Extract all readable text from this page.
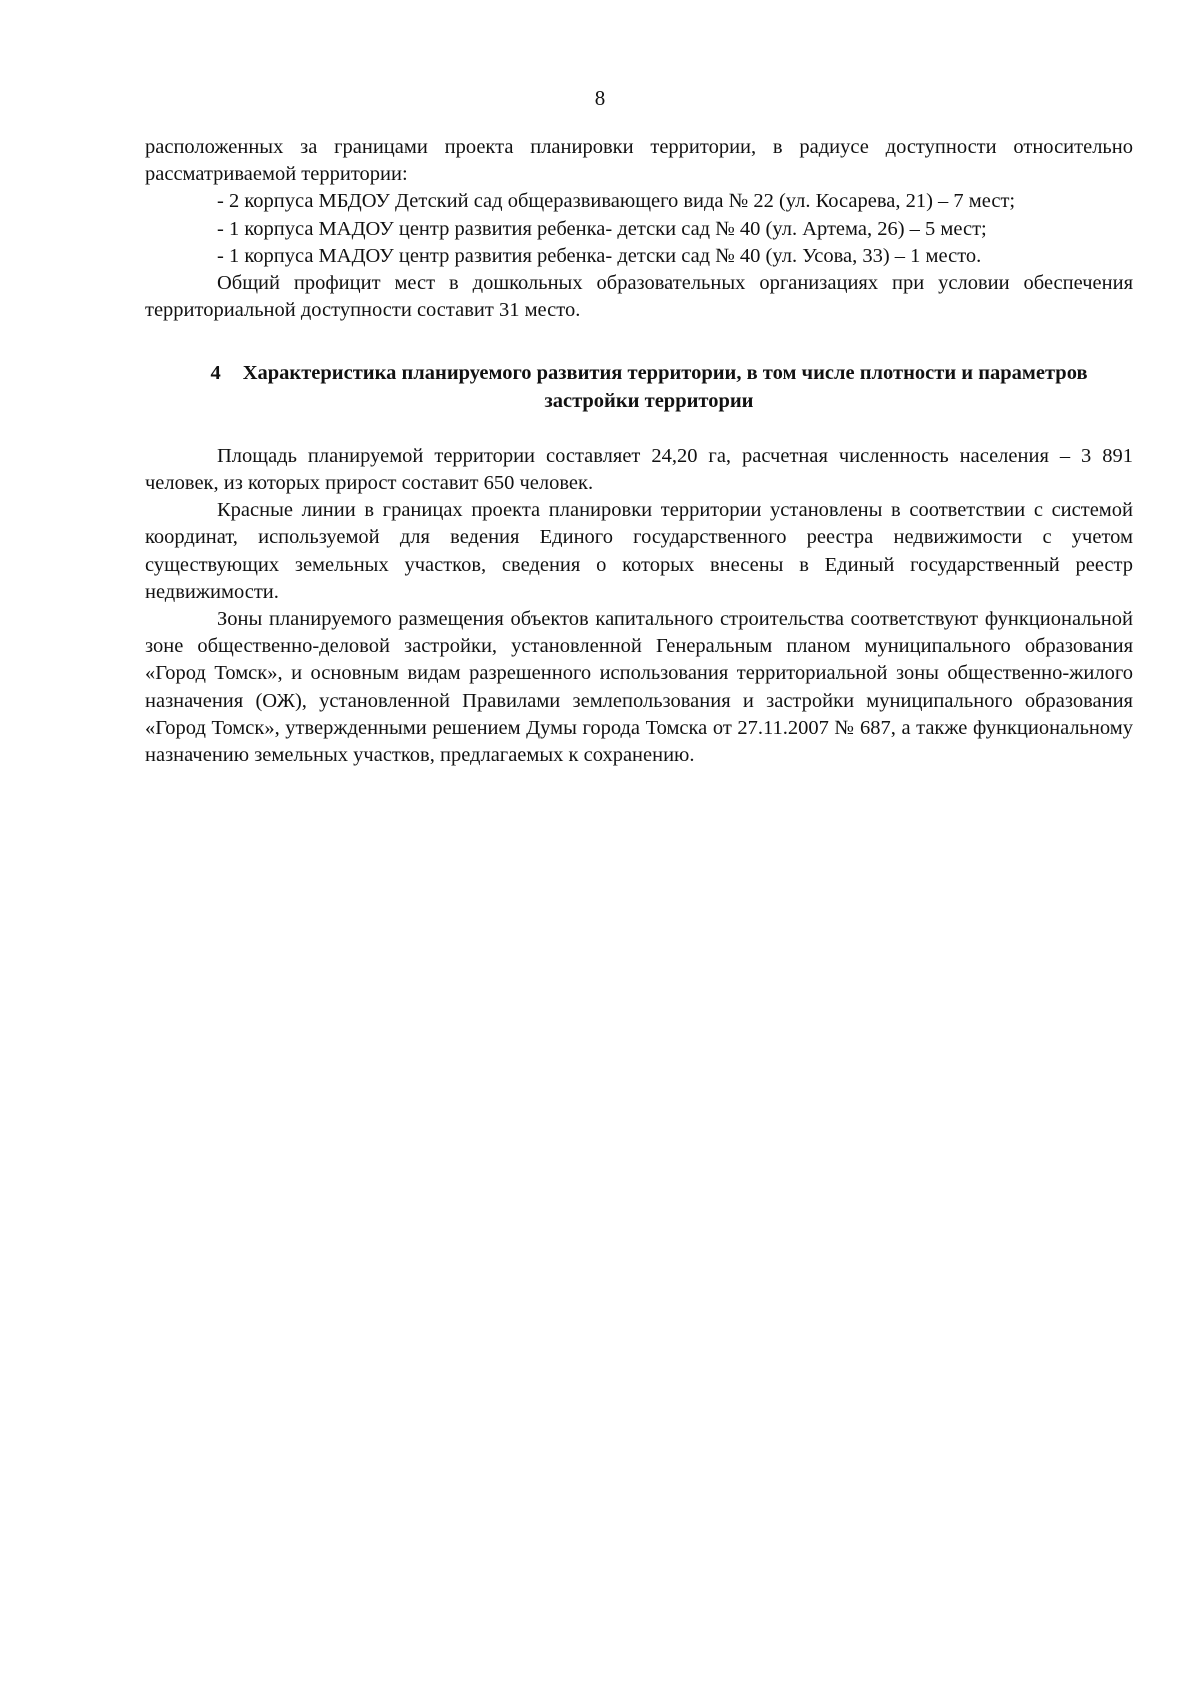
8

расположенных за границами проекта планировки территории, в радиусе доступности относительно рассматриваемой территории:

- 2 корпуса МБДОУ Детский сад общеразвивающего вида № 22 (ул. Косарева, 21) – 7 мест;

- 1 корпуса МАДОУ центр развития ребенка- детски сад № 40 (ул. Артема, 26) – 5 мест;

- 1 корпуса МАДОУ центр развития ребенка- детски сад № 40 (ул. Усова, 33) – 1 место.

Общий профицит мест в дошкольных образовательных организациях при условии обеспечения территориальной доступности составит 31 место.

4 Характеристика планируемого развития территории, в том числе плотности и параметров застройки территории

Площадь планируемой территории составляет 24,20 га, расчетная численность населения – 3 891 человек, из которых прирост составит 650 человек.

Красные линии в границах проекта планировки территории установлены в соответствии с системой координат, используемой для ведения Единого государственного реестра недвижимости с учетом существующих земельных участков, сведения о которых внесены в Единый государственный реестр недвижимости.

Зоны планируемого размещения объектов капитального строительства соответствуют функциональной зоне общественно-деловой застройки, установленной Генеральным планом муниципального образования «Город Томск», и основным видам разрешенного использования территориальной зоны общественно-жилого назначения (ОЖ), установленной Правилами землепользования и застройки муниципального образования «Город Томск», утвержденными решением Думы города Томска от 27.11.2007 № 687, а также функциональному назначению земельных участков, предлагаемых к сохранению.
